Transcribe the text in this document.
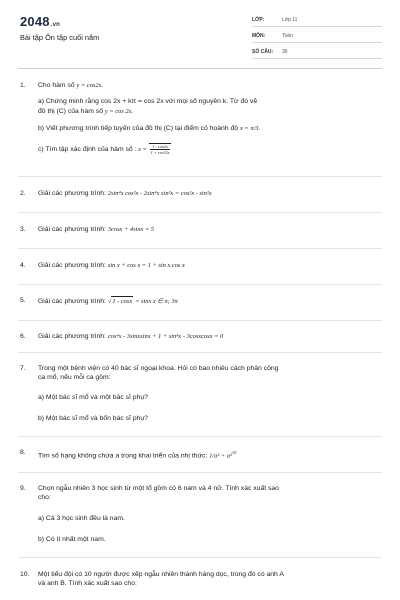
2048.vn
Bài tập Ôn tập cuối năm
LỚP:	Lớp 11
MÔN:	Toán
SỐ CÂU:	36
1.	Cho hàm số y = cos2x.
a) Chứng minh rằng cos 2x + kπ = cos 2x với mọi số nguyên k. Từ đó vẽ
đồ thị (C) của hàm số y = cos 2x.
b) Viết phương trình tiếp tuyến của đồ thị (C) tại điểm có hoành độ x = π/3.
c) Tìm tập xác định của hàm số : $z = \frac{1 - \cos 2x}{\text{1 + cos²2x}}$
2.	Giải các phương trình: 2sin⁴x cos²x - 2sin⁴x sin²x = cos²x - sin²x
3.	Giải các phương trình: 3cosx + 4sinx = 5
4.	Giải các phương trình: sin x + cos x = 1 + sin x.cos x
5.	Giải các phương trình: √1 - cosx = sinx x ∈ π; 3π
6.	Giải các phương trình: cos⁴x - 3sinxsinx + 1 + sin⁴x - 3cosxcosx = 0
7.	Trong một bệnh viện có 40 bác sĩ ngoại khoa. Hỏi có bao nhiêu cách phân công
ca mổ, nếu mỗi ca gồm:
a) Một bác sĩ mổ và một bác sĩ phụ?
b) Một bác sĩ mổ và bốn bác sĩ phụ?
8.	Tìm số hạng không chứa a trong khai triển của nhị thức: 1/a² + a²$^{10}$
9.	Chọn ngẫu nhiên 3 học sinh từ một tổ gồm có 6 nam và 4 nữ. Tính xác xuất sao
cho:
a) Cả 3 học sinh đều là nam.
b) Có ít nhất một nam.
10.	Một tiểu đội có 10 người được xếp ngẫu nhiên thành hàng dọc, trong đó có anh A
và anh B. Tính xác xuất sao cho:
